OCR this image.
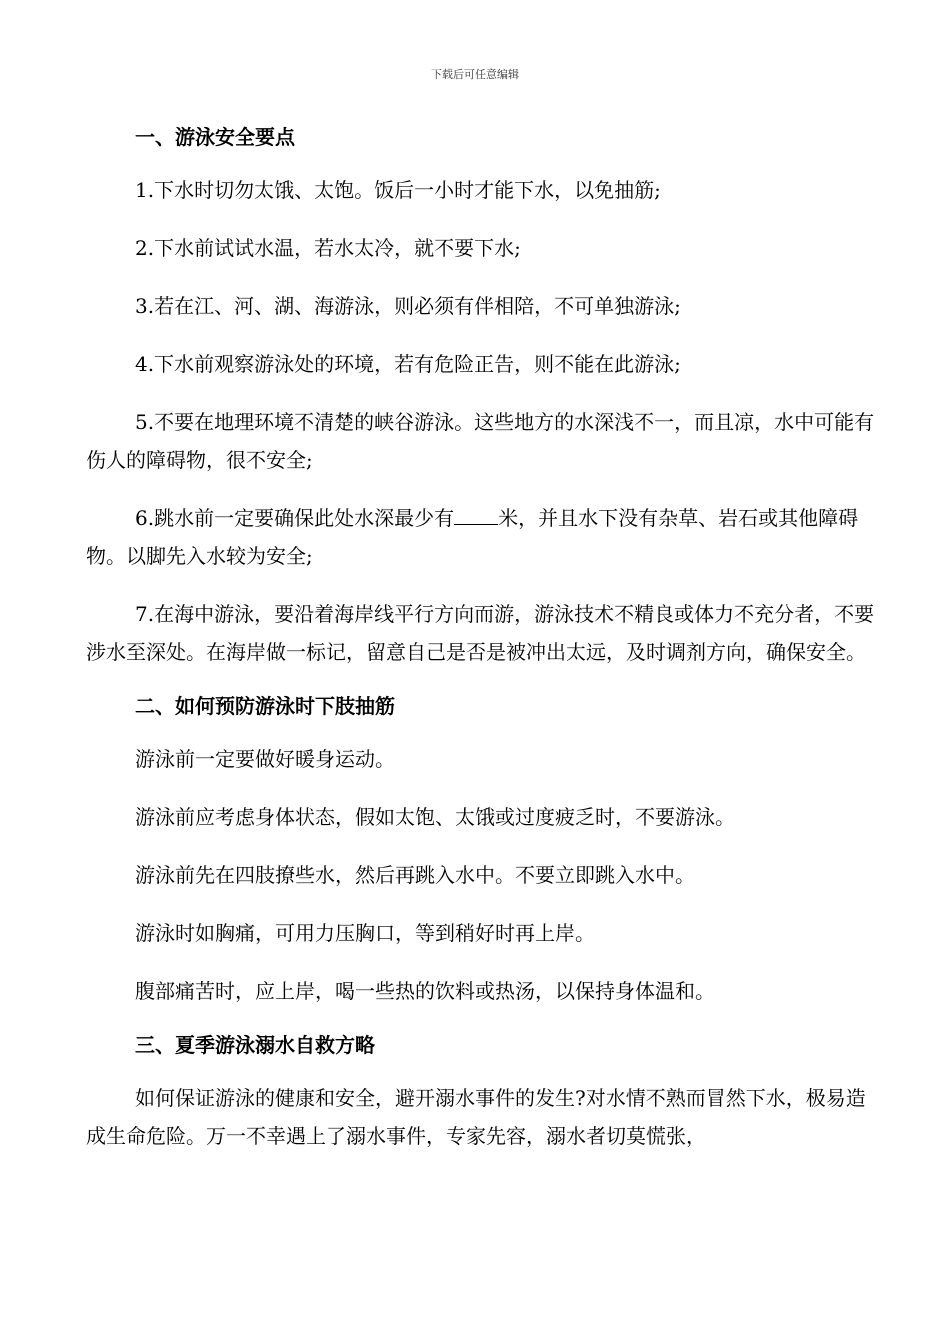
下载后可任意编辑
一、游泳安全要点

1.下水时切勿太饿、太饱。饭后一小时才能下水，以免抽筋;

2.下水前试试水温，若水太冷，就不要下水;

3.若在江、河、湖、海游泳，则必须有伴相陪，不可单独游泳;

4.下水前观察游泳处的环境，若有危险正告，则不能在此游泳;

5.不要在地理环境不清楚的峡谷游泳。这些地方的水深浅不一，而且凉，水中可能有伤人的障碍物，很不安全;

6.跳水前一定要确保此处水深最少有 米，并且水下没有杂草、岩石或其他障碍物。以脚先入水较为安全;

7.在海中游泳，要沿着海岸线平行方向而游，游泳技术不精良或体力不充分者，不要涉水至深处。在海岸做一标记，留意自己是否是被冲出太远，及时调剂方向，确保安全。

二、如何预防游泳时下肢抽筋

游泳前一定要做好暖身运动。

游泳前应考虑身体状态，假如太饱、太饿或过度疲乏时，不要游泳。

游泳前先在四肢撩些水，然后再跳入水中。不要立即跳入水中。

游泳时如胸痛，可用力压胸口，等到稍好时再上岸。

腹部痛苦时，应上岸，喝一些热的饮料或热汤，以保持身体温和。

三、夏季游泳溺水自救方略

如何保证游泳的健康和安全，避开溺水事件的发生?对水情不熟而冒然下水，极易造成生命危险。万一不幸遇上了溺水事件，专家先容，溺水者切莫慌张，
